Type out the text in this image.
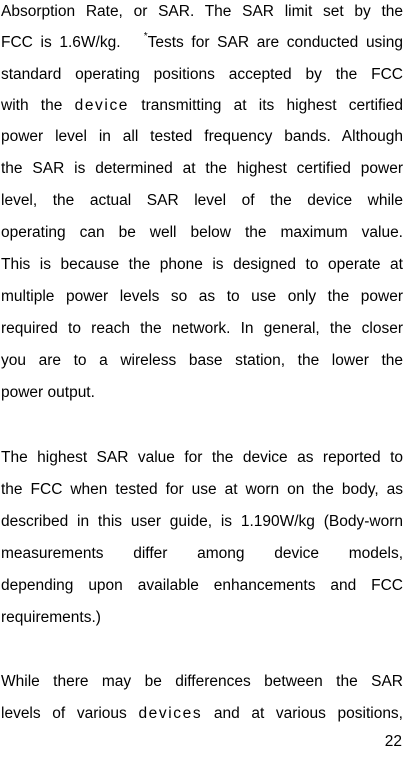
Absorption Rate, or SAR. The SAR limit set by the
FCC is 1.6W/kg.   *Tests for SAR are conducted using
standard operating positions accepted by the FCC
with the device transmitting at its highest certified
power level in all tested frequency bands. Although
the SAR is determined at the highest certified power
level, the actual SAR level of the device while
operating can be well below the maximum value.
This is because the phone is designed to operate at
multiple power levels so as to use only the power
required to reach the network. In general, the closer
you are to a wireless base station, the lower the
power output.
The highest SAR value for the device as reported to
the FCC when tested for use at worn on the body, as
described in this user guide, is 1.190W/kg (Body-worn
measurements differ among device models,
depending upon available enhancements and FCC
requirements.)
While there may be differences between the SAR
levels of various devices and at various positions,
22
